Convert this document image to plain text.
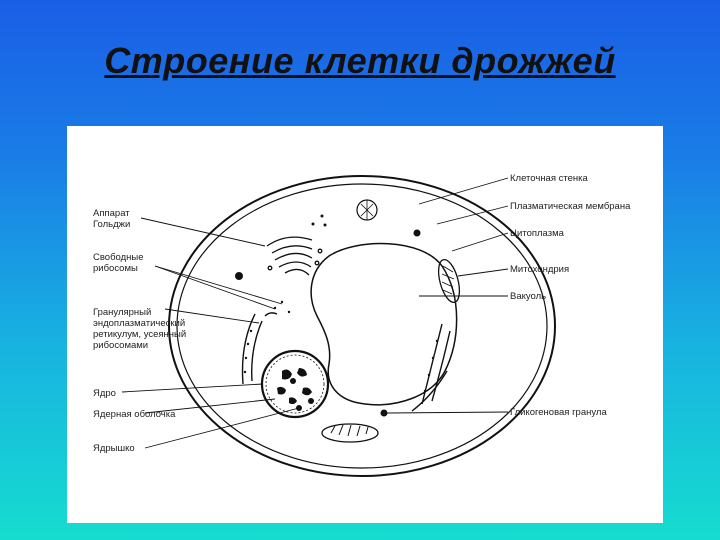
Строение клетки дрожжей
Аппарат
Гольджи
Свободные
рибосомы
Гранулярный
эндоплазматический
ретикулум, усеянный
рибосомами
Ядро
Ядерная оболочка
Ядрышко
Клеточная стенка
Плазматическая мембрана
Цитоплазма
Митохондрия
Вакуоль
Гликогеновая гранула
